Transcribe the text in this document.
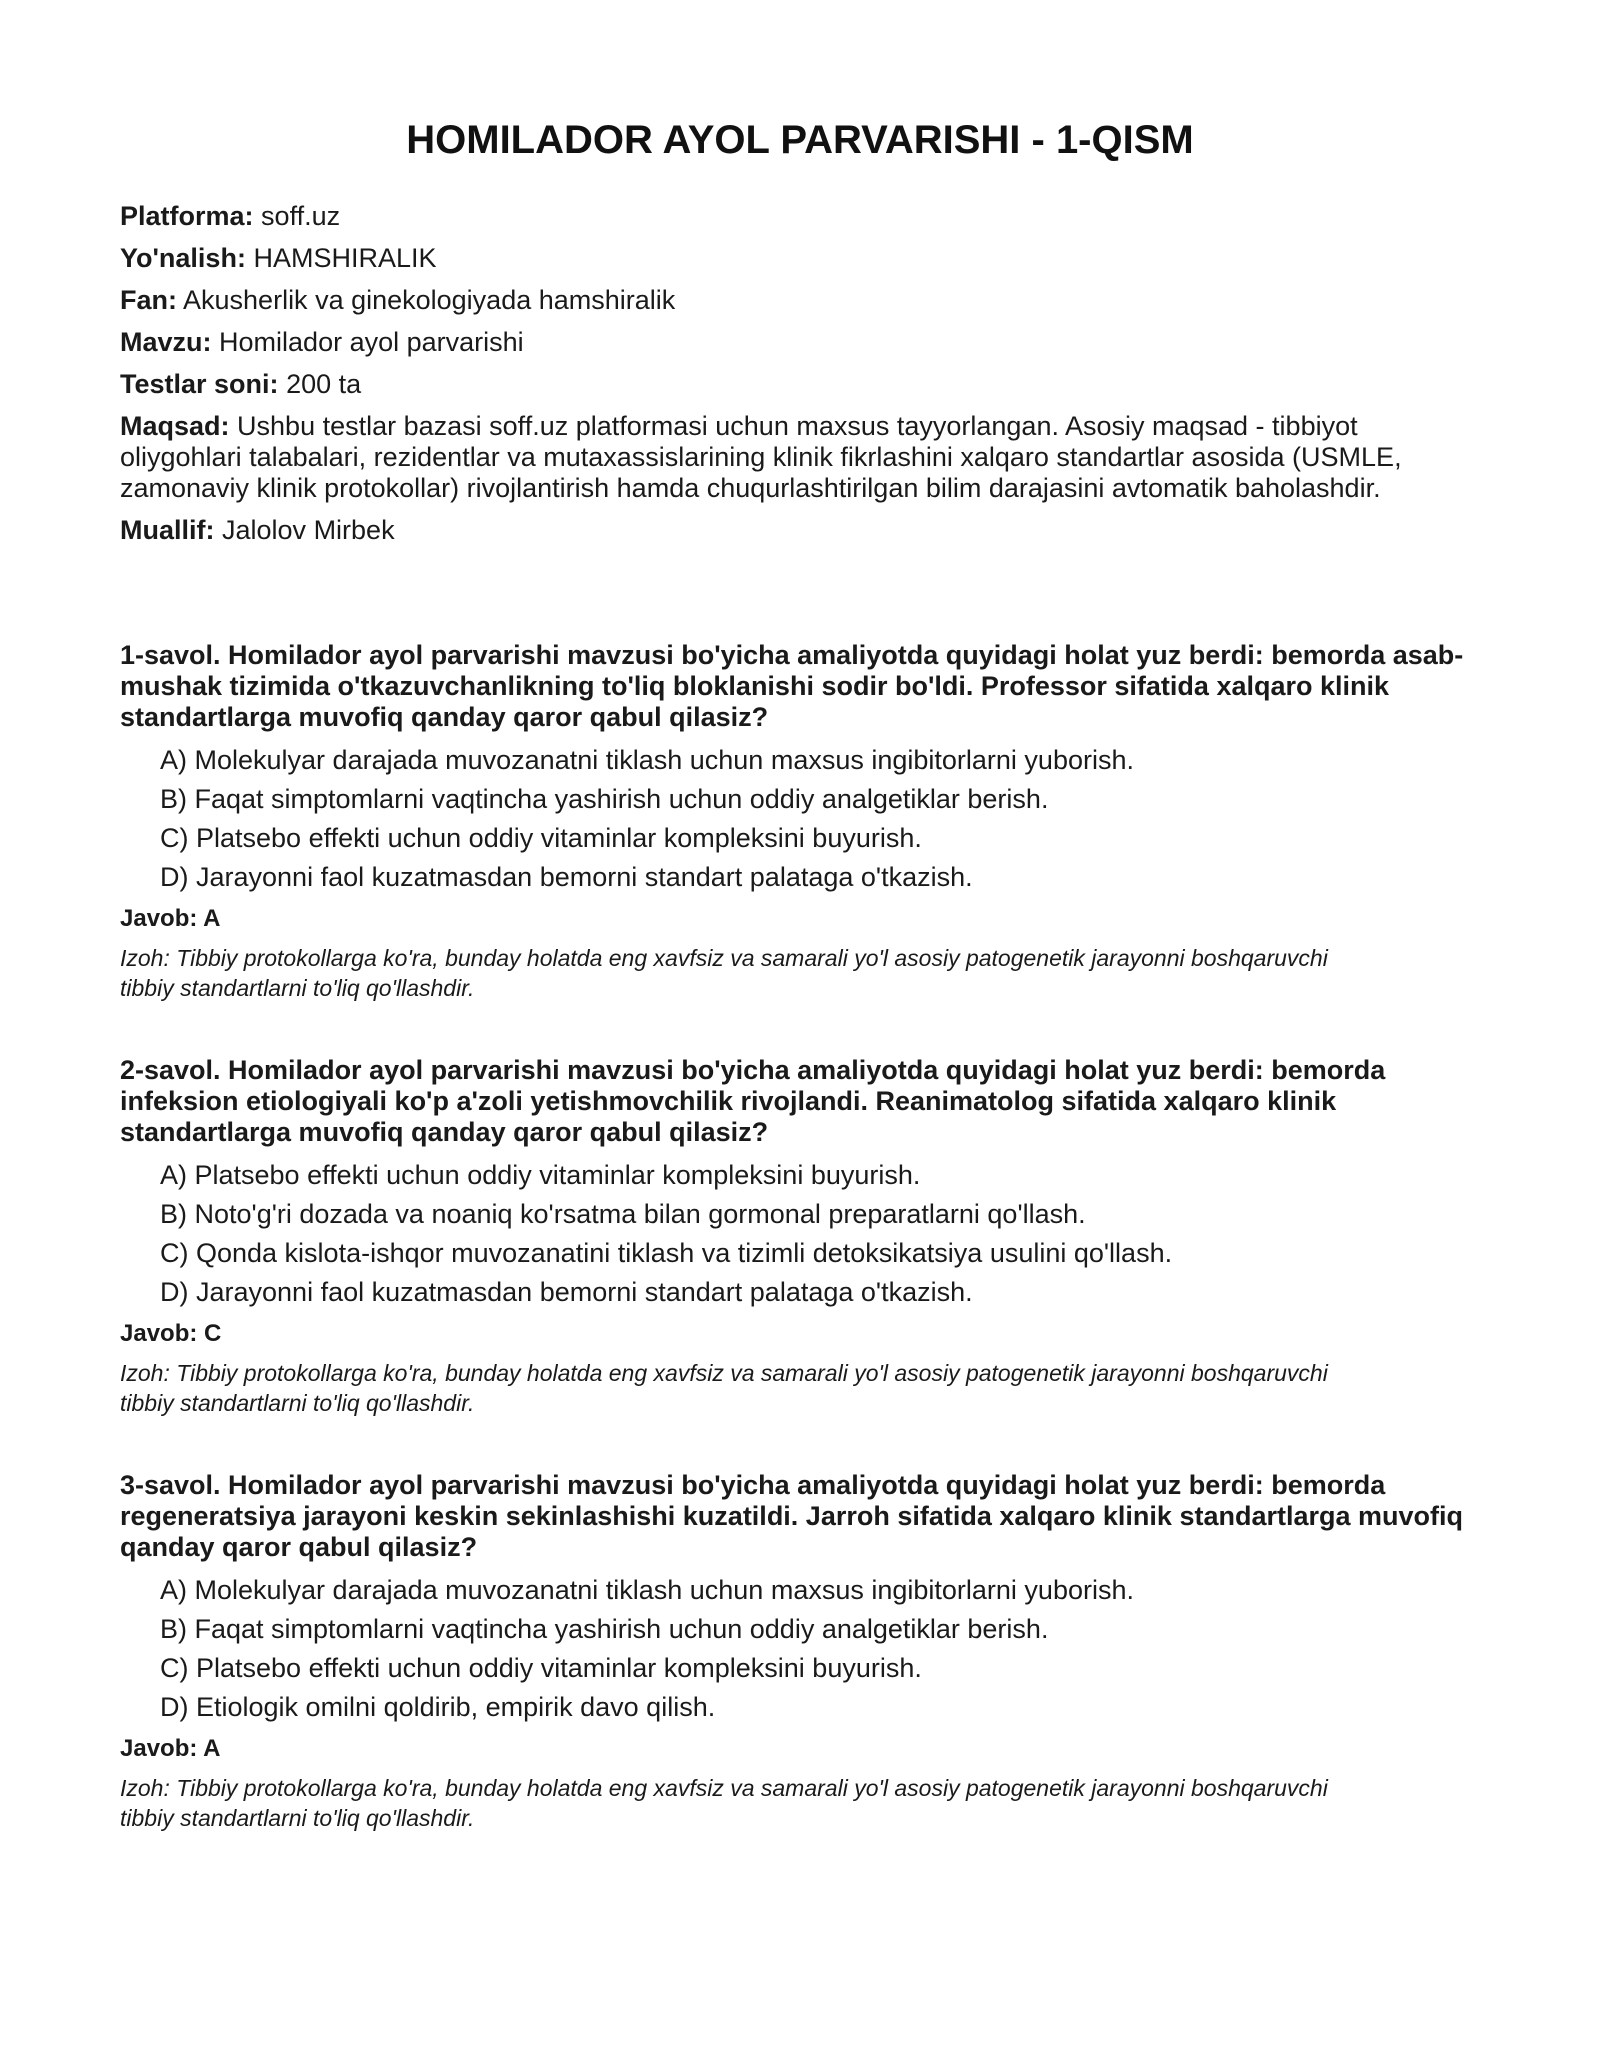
HOMILADOR AYOL PARVARISHI - 1-QISM

Platforma: soff.uz

Yo'nalish: HAMSHIRALIK

Fan: Akusherlik va ginekologiyada hamshiralik

Mavzu: Homilador ayol parvarishi

Testlar soni: 200 ta

Maqsad: Ushbu testlar bazasi soff.uz platformasi uchun maxsus tayyorlangan. Asosiy maqsad - tibbiyot oliygohlari talabalari, rezidentlar va mutaxassislarining klinik fikrlashini xalqaro standartlar asosida (USMLE, zamonaviy klinik protokollar) rivojlantirish hamda chuqurlashtirilgan bilim darajasini avtomatik baholashdir.

Muallif: Jalolov Mirbek

1-savol. Homilador ayol parvarishi mavzusi bo'yicha amaliyotda quyidagi holat yuz berdi: bemorda asab-mushak tizimida o'tkazuvchanlikning to'liq bloklanishi sodir bo'ldi. Professor sifatida xalqaro klinik standartlarga muvofiq qanday qaror qabul qilasiz?

A) Molekulyar darajada muvozanatni tiklash uchun maxsus ingibitorlarni yuborish.
B) Faqat simptomlarni vaqtincha yashirish uchun oddiy analgetiklar berish.
C) Platsebo effekti uchun oddiy vitaminlar kompleksini buyurish.
D) Jarayonni faol kuzatmasdan bemorni standart palataga o'tkazish.

Javob: A

Izoh: Tibbiy protokollarga ko'ra, bunday holatda eng xavfsiz va samarali yo'l asosiy patogenetik jarayonni boshqaruvchi tibbiy standartlarni to'liq qo'llashdir.

2-savol. Homilador ayol parvarishi mavzusi bo'yicha amaliyotda quyidagi holat yuz berdi: bemorda infeksion etiologiyali ko'p a'zoli yetishmovchilik rivojlandi. Reanimatolog sifatida xalqaro klinik standartlarga muvofiq qanday qaror qabul qilasiz?

A) Platsebo effekti uchun oddiy vitaminlar kompleksini buyurish.
B) Noto'g'ri dozada va noaniq ko'rsatma bilan gormonal preparatlarni qo'llash.
C) Qonda kislota-ishqor muvozanatini tiklash va tizimli detoksikatsiya usulini qo'llash.
D) Jarayonni faol kuzatmasdan bemorni standart palataga o'tkazish.

Javob: C

Izoh: Tibbiy protokollarga ko'ra, bunday holatda eng xavfsiz va samarali yo'l asosiy patogenetik jarayonni boshqaruvchi tibbiy standartlarni to'liq qo'llashdir.

3-savol. Homilador ayol parvarishi mavzusi bo'yicha amaliyotda quyidagi holat yuz berdi: bemorda regeneratsiya jarayoni keskin sekinlashishi kuzatildi. Jarroh sifatida xalqaro klinik standartlarga muvofiq qanday qaror qabul qilasiz?

A) Molekulyar darajada muvozanatni tiklash uchun maxsus ingibitorlarni yuborish.
B) Faqat simptomlarni vaqtincha yashirish uchun oddiy analgetiklar berish.
C) Platsebo effekti uchun oddiy vitaminlar kompleksini buyurish.
D) Etiologik omilni qoldirib, empirik davo qilish.

Javob: A

Izoh: Tibbiy protokollarga ko'ra, bunday holatda eng xavfsiz va samarali yo'l asosiy patogenetik jarayonni boshqaruvchi tibbiy standartlarni to'liq qo'llashdir.
